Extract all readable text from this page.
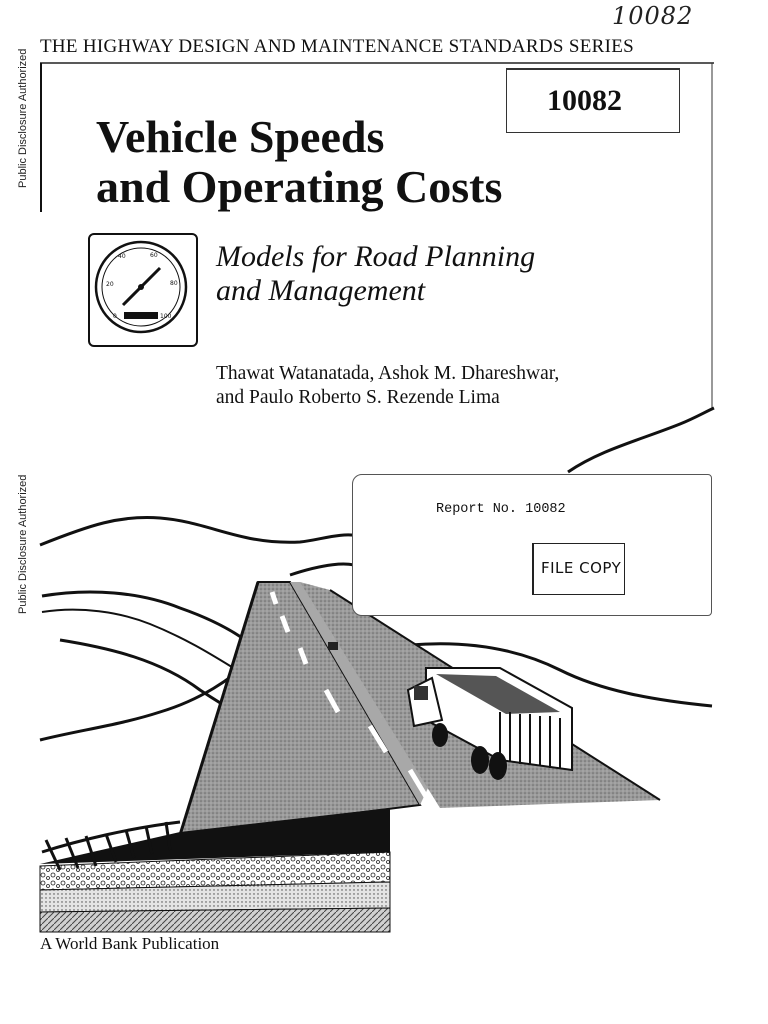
Public Disclosure Authorized
Public Disclosure Authorized
10082
THE HIGHWAY DESIGN AND MAINTENANCE STANDARDS SERIES
10082
Vehicle Speeds
and Operating Costs
0
20
40	60
80
100
Models for Road Planning
and Management
Thawat Watanatada, Ashok M. Dhareshwar,
and Paulo Roberto S. Rezende Lima
Report No. 10082
FILE COPY
A World Bank Publication
